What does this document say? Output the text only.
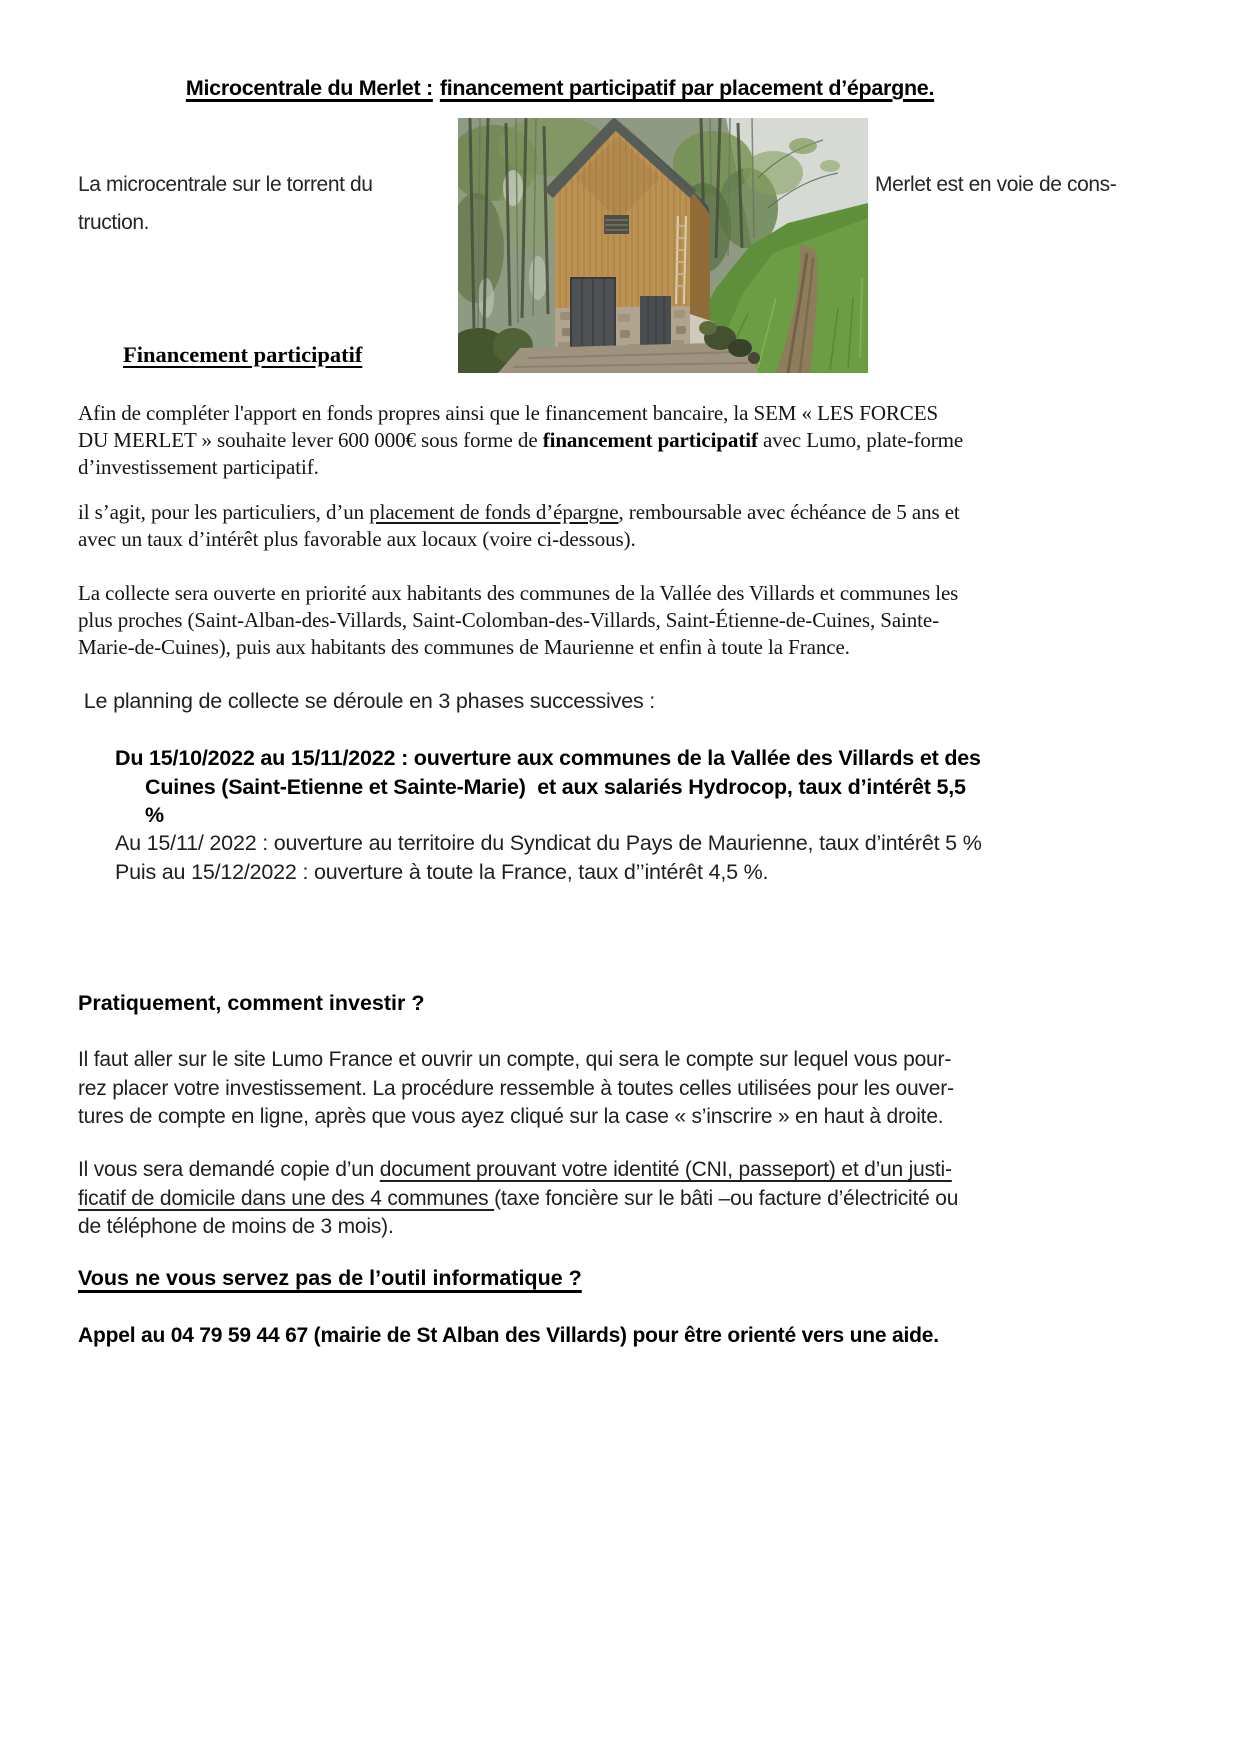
Microcentrale du Merlet : financement participatif par placement d’épargne.
La microcentrale sur le torrent du
truction.
Merlet est en voie de cons-
Financement participatif
Afin de compléter l'apport en fonds propres ainsi que le financement bancaire, la SEM « LES FORCES
DU MERLET » souhaite lever 600 000€ sous forme de financement participatif avec Lumo, plate-forme
d’investissement participatif.
il s’agit, pour les particuliers, d’un placement de fonds d’épargne, remboursable avec échéance de 5 ans et
avec un taux d’intérêt plus favorable aux locaux (voire ci-dessous).
La collecte sera ouverte en priorité aux habitants des communes de la Vallée des Villards et communes les
plus proches (Saint-Alban-des-Villards, Saint-Colomban-des-Villards, Saint-Étienne-de-Cuines, Sainte-
Marie-de-Cuines), puis aux habitants des communes de Maurienne et enfin à toute la France.
Le planning de collecte se déroule en 3 phases successives :
Du 15/10/2022 au 15/11/2022 : ouverture aux communes de la Vallée des Villards et des
Cuines (Saint-Etienne et Sainte-Marie)  et aux salariés Hydrocop, taux d’intérêt 5,5
%
Au 15/11/ 2022 : ouverture au territoire du Syndicat du Pays de Maurienne, taux d’intérêt 5 %
Puis au 15/12/2022 : ouverture à toute la France, taux d’’intérêt 4,5 %.
Pratiquement, comment investir ?
Il faut aller sur le site Lumo France et ouvrir un compte, qui sera le compte sur lequel vous pour-
rez placer votre investissement. La procédure ressemble à toutes celles utilisées pour les ouver-
tures de compte en ligne, après que vous ayez cliqué sur la case « s’inscrire » en haut à droite.
Il vous sera demandé copie d’un document prouvant votre identité (CNI, passeport) et d’un justi-
ficatif de domicile dans une des 4 communes (taxe foncière sur le bâti –ou facture d’électricité ou
de téléphone de moins de 3 mois).
Vous ne vous servez pas de l’outil informatique ?
Appel au 04 79 59 44 67 (mairie de St Alban des Villards) pour être orienté vers une aide.
